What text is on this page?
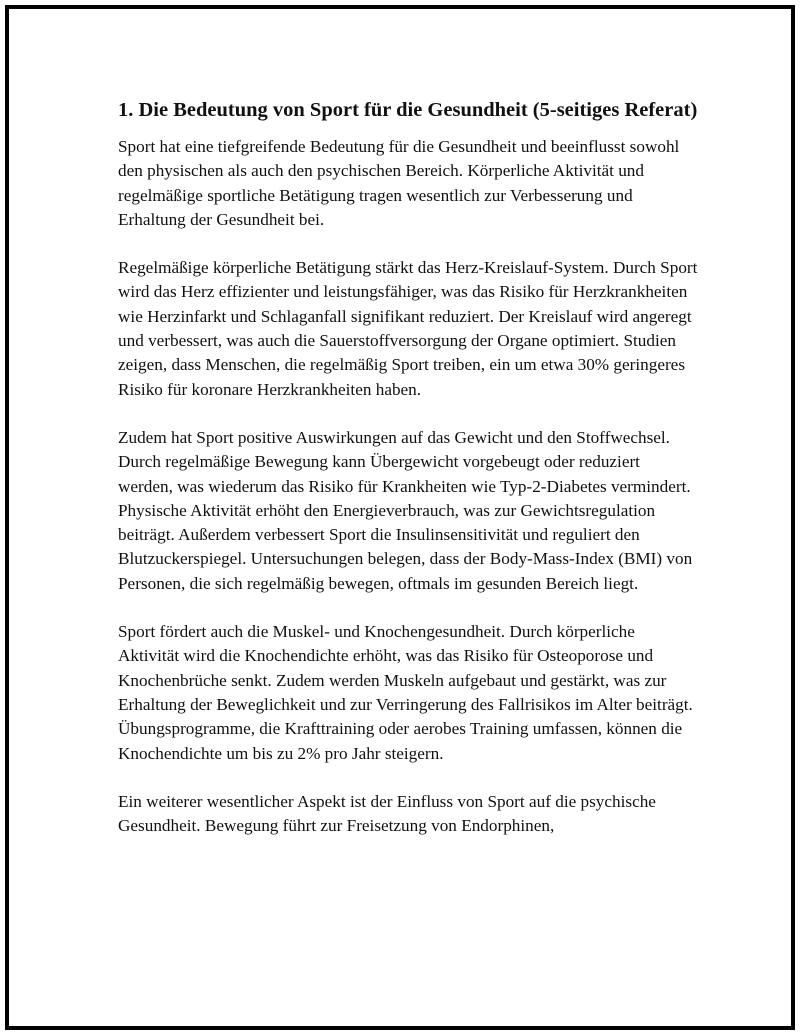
1. Die Bedeutung von Sport für die Gesundheit (5-seitiges Referat)

Sport hat eine tiefgreifende Bedeutung für die Gesundheit und beeinflusst sowohl den physischen als auch den psychischen Bereich. Körperliche Aktivität und regelmäßige sportliche Betätigung tragen wesentlich zur Verbesserung und Erhaltung der Gesundheit bei.

Regelmäßige körperliche Betätigung stärkt das Herz-Kreislauf-System. Durch Sport wird das Herz effizienter und leistungsfähiger, was das Risiko für Herzkrankheiten wie Herzinfarkt und Schlaganfall signifikant reduziert. Der Kreislauf wird angeregt und verbessert, was auch die Sauerstoffversorgung der Organe optimiert. Studien zeigen, dass Menschen, die regelmäßig Sport treiben, ein um etwa 30% geringeres Risiko für koronare Herzkrankheiten haben.

Zudem hat Sport positive Auswirkungen auf das Gewicht und den Stoffwechsel. Durch regelmäßige Bewegung kann Übergewicht vorgebeugt oder reduziert werden, was wiederum das Risiko für Krankheiten wie Typ-2-Diabetes vermindert. Physische Aktivität erhöht den Energieverbrauch, was zur Gewichtsregulation beiträgt. Außerdem verbessert Sport die Insulinsensitivität und reguliert den Blutzuckerspiegel. Untersuchungen belegen, dass der Body-Mass-Index (BMI) von Personen, die sich regelmäßig bewegen, oftmals im gesunden Bereich liegt.

Sport fördert auch die Muskel- und Knochengesundheit. Durch körperliche Aktivität wird die Knochendichte erhöht, was das Risiko für Osteoporose und Knochenbrüche senkt. Zudem werden Muskeln aufgebaut und gestärkt, was zur Erhaltung der Beweglichkeit und zur Verringerung des Fallrisikos im Alter beiträgt. Übungsprogramme, die Krafttraining oder aerobes Training umfassen, können die Knochendichte um bis zu 2% pro Jahr steigern.

Ein weiterer wesentlicher Aspekt ist der Einfluss von Sport auf die psychische Gesundheit. Bewegung führt zur Freisetzung von Endorphinen,
